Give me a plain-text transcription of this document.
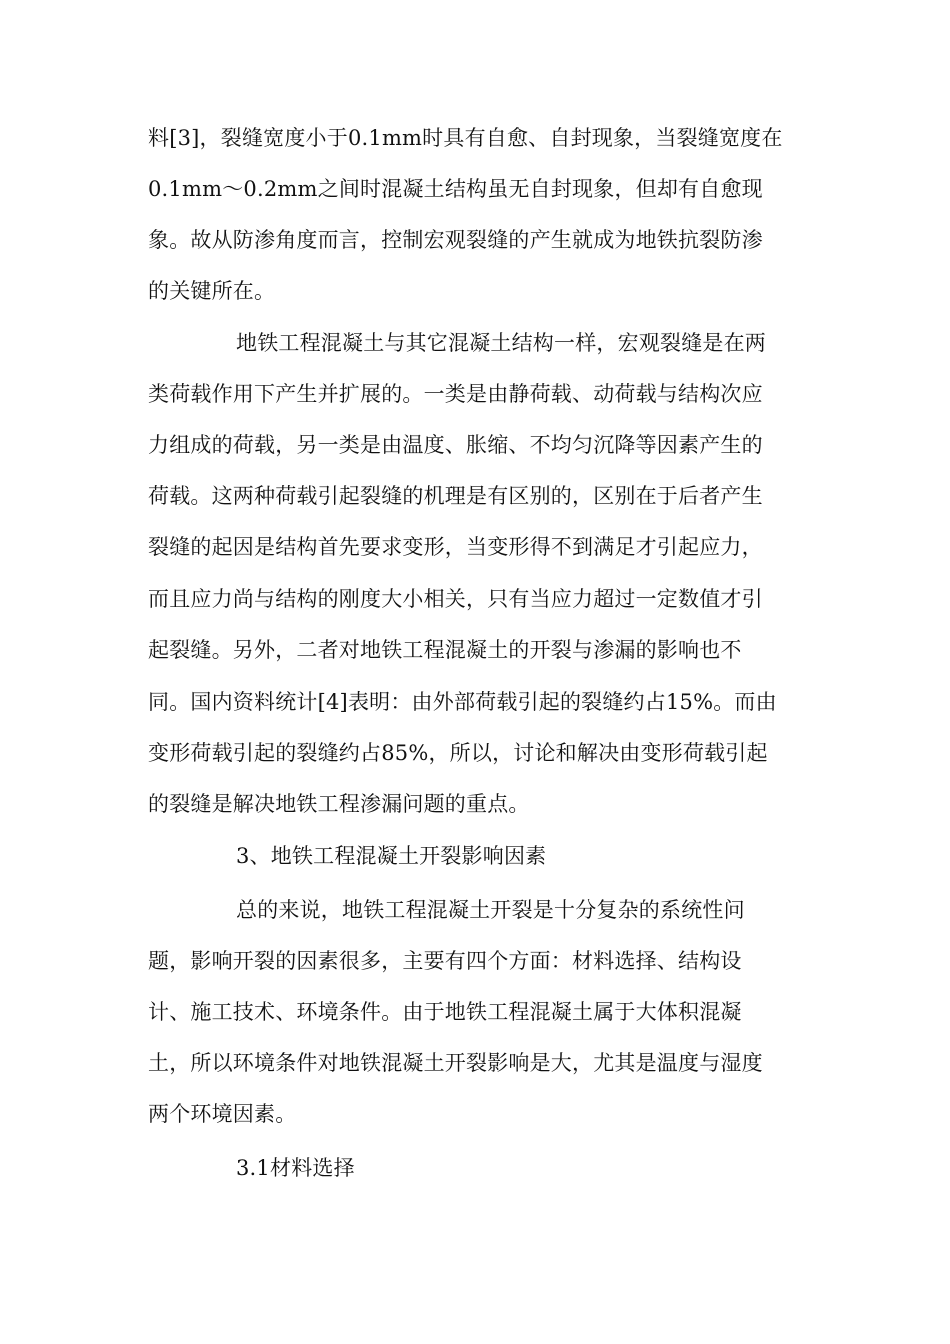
料[3]，裂缝宽度小于0.1mm时具有自愈、自封现象，当裂缝宽度在
0.1mm～0.2mm之间时混凝土结构虽无自封现象，但却有自愈现
象。故从防渗角度而言，控制宏观裂缝的产生就成为地铁抗裂防渗
的关键所在。
地铁工程混凝土与其它混凝土结构一样，宏观裂缝是在两
类荷载作用下产生并扩展的。一类是由静荷载、动荷载与结构次应
力组成的荷载，另一类是由温度、胀缩、不均匀沉降等因素产生的
荷载。这两种荷载引起裂缝的机理是有区别的，区别在于后者产生
裂缝的起因是结构首先要求变形，当变形得不到满足才引起应力，
而且应力尚与结构的刚度大小相关，只有当应力超过一定数值才引
起裂缝。另外，二者对地铁工程混凝土的开裂与渗漏的影响也不
同。国内资料统计[4]表明：由外部荷载引起的裂缝约占15%。而由
变形荷载引起的裂缝约占85%，所以，讨论和解决由变形荷载引起
的裂缝是解决地铁工程渗漏问题的重点。
3、地铁工程混凝土开裂影响因素
总的来说，地铁工程混凝土开裂是十分复杂的系统性问
题，影响开裂的因素很多，主要有四个方面：材料选择、结构设
计、施工技术、环境条件。由于地铁工程混凝土属于大体积混凝
土，所以环境条件对地铁混凝土开裂影响是大，尤其是温度与湿度
两个环境因素。
3.1材料选择
